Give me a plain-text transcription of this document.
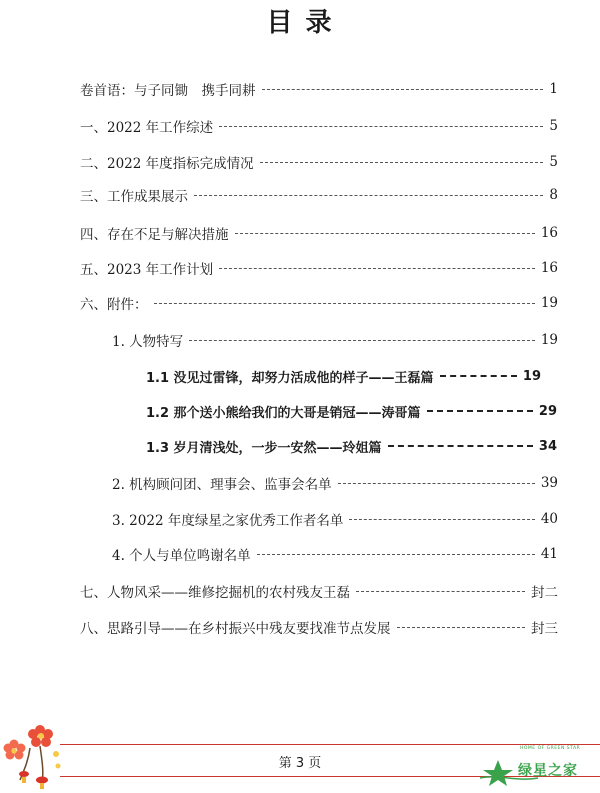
目 录
卷首语：与子同锄　携手同耕	1
一、2022 年工作综述	5
二、2022 年度指标完成情况	5
三、工作成果展示	8
四、存在不足与解决措施	16
五、2023 年工作计划	16
六、附件：	19
1. 人物特写	19
1.1 没见过雷锋，却努力活成他的样子——王磊篇	19
1.2 那个送小熊给我们的大哥是销冠——涛哥篇	29
1.3 岁月清浅处，一步一安然——玲姐篇	34
2. 机构顾问团、理事会、监事会名单	39
3. 2022 年度绿星之家优秀工作者名单	40
4. 个人与单位鸣谢名单	41
七、人物风采——维修挖掘机的农村残友王磊	封二
八、思路引导——在乡村振兴中残友要找准节点发展	封三
第 3 页
HOME OF GREEN STAR
绿星之家
